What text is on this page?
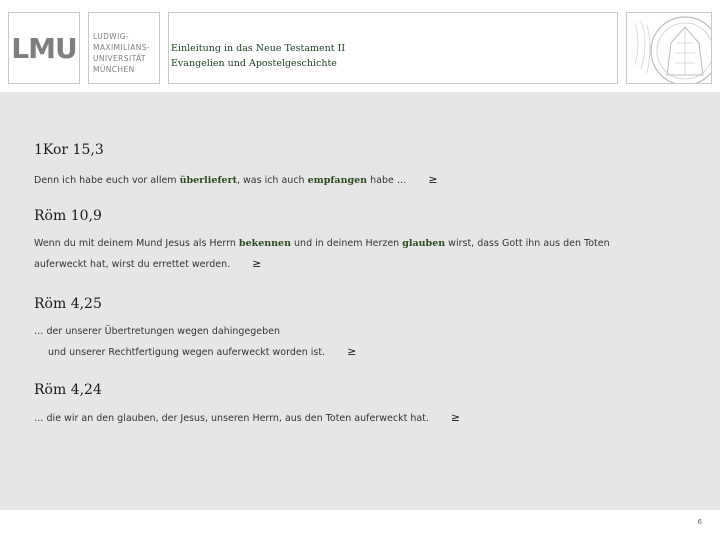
LMU LUDWIG-
MAXIMILIANS-
UNIVERSITÄT
MÜNCHEN
Einleitung in das Neue Testament II
Evangelien und Apostelgeschichte
1Kor 15,3
Denn ich habe euch vor allem überliefert, was ich auch empfangen habe … ≥
Röm 10,9
Wenn du mit deinem Mund Jesus als Herrn bekennen und in deinem Herzen glauben wirst, dass Gott ihn aus den Toten auferweckt hat, wirst du errettet werden. ≥
Röm 4,25
… der unserer Übertretungen wegen dahingegeben
und unserer Rechtfertigung wegen auferweckt worden ist. ≥
Röm 4,24
… die wir an den glauben, der Jesus, unseren Herrn, aus den Toten auferweckt hat. ≥
6
